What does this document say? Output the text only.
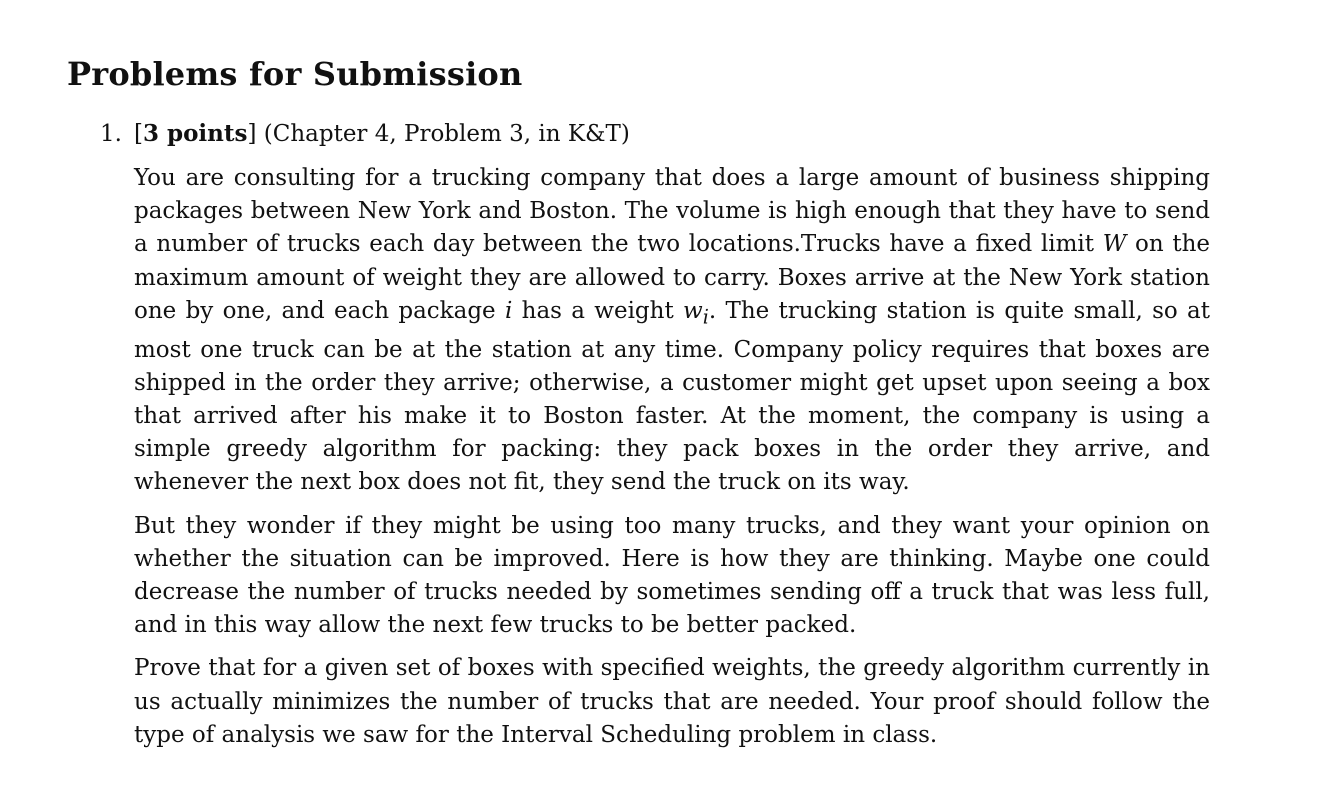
Problems for Submission
1. [3 points] (Chapter 4, Problem 3, in K&T)

You are consulting for a trucking company that does a large amount of business shipping packages between New York and Boston. The volume is high enough that they have to send a number of trucks each day between the two locations.Trucks have a fixed limit W on the maximum amount of weight they are allowed to carry. Boxes arrive at the New York station one by one, and each package i has a weight $w_i$. The trucking station is quite small, so at most one truck can be at the station at any time. Company policy requires that boxes are shipped in the order they arrive; otherwise, a customer might get upset upon seeing a box that arrived after his make it to Boston faster. At the moment, the company is using a simple greedy algorithm for packing: they pack boxes in the order they arrive, and whenever the next box does not fit, they send the truck on its way.

But they wonder if they might be using too many trucks, and they want your opinion on whether the situation can be improved. Here is how they are thinking. Maybe one could decrease the number of trucks needed by sometimes sending off a truck that was less full, and in this way allow the next few trucks to be better packed.

Prove that for a given set of boxes with specified weights, the greedy algorithm currently in us actually minimizes the number of trucks that are needed. Your proof should follow the type of analysis we saw for the Interval Scheduling problem in class.
